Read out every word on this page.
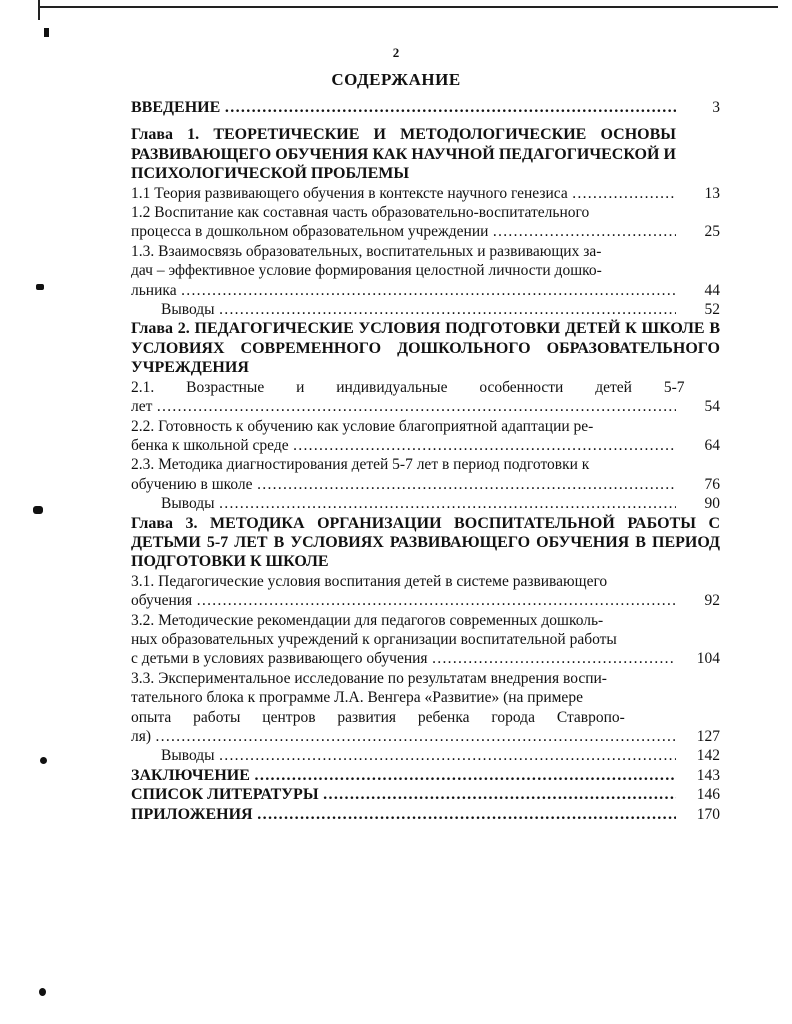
2
СОДЕРЖАНИЕ
ВВЕДЕНИЕ ………………………………………………………………………………………………………………………………………	3
Глава 1. ТЕОРЕТИЧЕСКИЕ И МЕТОДОЛОГИЧЕСКИЕ ОСНОВЫ РАЗВИВАЮЩЕГО ОБУЧЕНИЯ КАК НАУЧНОЙ ПЕДАГОГИЧЕСКОЙ И ПСИХОЛОГИЧЕСКОЙ ПРОБЛЕМЫ
1.1 Теория развивающего обучения в контексте научного генезиса ………………………………………………………………………………………………………………………………………	13
1.2 Воспитание как составная часть образовательно-воспитательного
процесса в дошкольном образовательном учреждении ………………………………………………………………………………………………………………………………………	25
1.3. Взаимосвязь образовательных, воспитательных и развивающих за-
дач – эффективное условие формирования целостной личности дошко-
льника ………………………………………………………………………………………………………………………………………	44
Выводы ………………………………………………………………………………………………………………………………………	52
Глава 2. ПЕДАГОГИЧЕСКИЕ УСЛОВИЯ ПОДГОТОВКИ ДЕТЕЙ К ШКОЛЕ В УСЛОВИЯХ СОВРЕМЕННОГО ДОШКОЛЬНОГО ОБРАЗОВАТЕЛЬНОГО УЧРЕЖДЕНИЯ
2.1. Возрастные и индивидуальные особенности детей 5-7
лет ………………………………………………………………………………………………………………………………………	54
2.2. Готовность к обучению как условие благоприятной адаптации ре-
бенка к школьной среде ………………………………………………………………………………………………………………………………………	64
2.3. Методика диагностирования детей 5-7 лет в период подготовки к
обучению в школе ………………………………………………………………………………………………………………………………………	76
Выводы ………………………………………………………………………………………………………………………………………	90
Глава 3. МЕТОДИКА ОРГАНИЗАЦИИ ВОСПИТАТЕЛЬНОЙ РАБОТЫ С ДЕТЬМИ 5-7 ЛЕТ В УСЛОВИЯХ РАЗВИВАЮЩЕГО ОБУЧЕНИЯ В ПЕРИОД ПОДГОТОВКИ К ШКОЛЕ
3.1. Педагогические условия воспитания детей в системе развивающего
обучения ………………………………………………………………………………………………………………………………………	92
3.2. Методические рекомендации для педагогов современных дошколь-
ных образовательных учреждений к организации воспитательной работы
с детьми в условиях развивающего обучения ………………………………………………………………………………………………………………………………………	104
3.3. Экспериментальное исследование по результатам внедрения воспи-
тательного блока к программе Л.А. Венгера «Развитие» (на примере
опыта работы центров развития ребенка города Ставропо-
ля) ………………………………………………………………………………………………………………………………………	127
Выводы ………………………………………………………………………………………………………………………………………	142
ЗАКЛЮЧЕНИЕ ………………………………………………………………………………………………………………………………………	143
СПИСОК ЛИТЕРАТУРЫ ………………………………………………………………………………………………………………………………………	146
ПРИЛОЖЕНИЯ ………………………………………………………………………………………………………………………………………	170
